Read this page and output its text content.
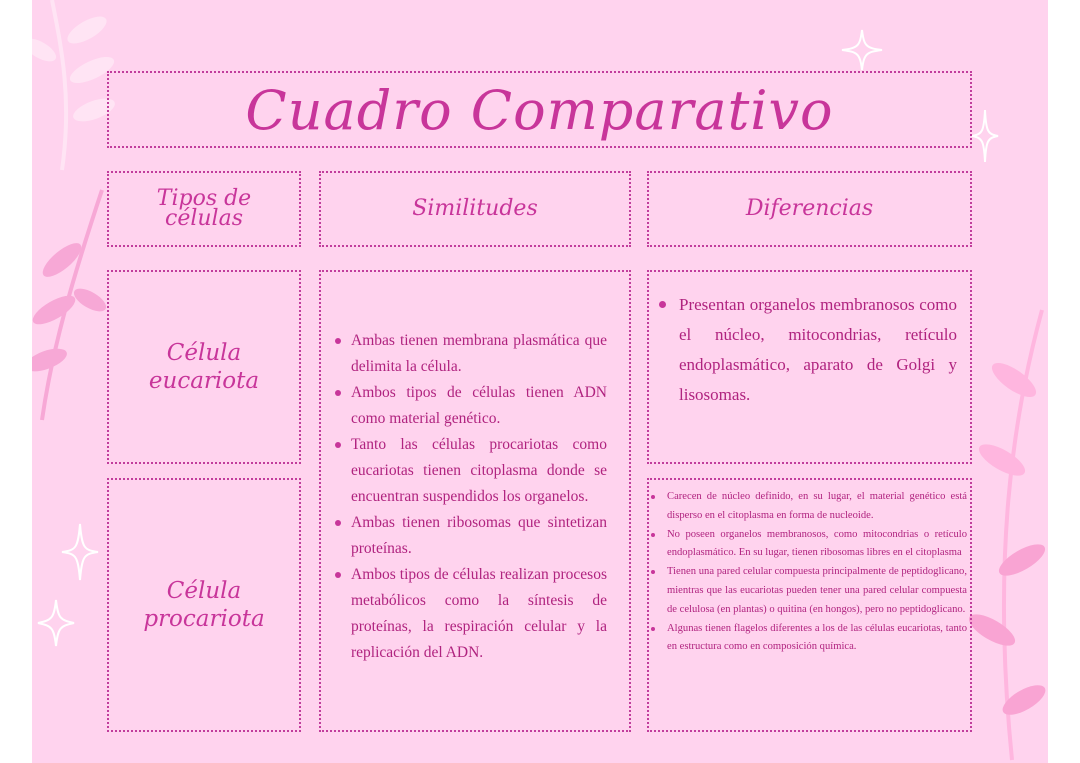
Cuadro Comparativo
Tipos de
células	Similitudes	Diferencias
Célula
eucariota
Célula
procariota
Ambas tienen membrana plasmática que delimita la célula.
Ambos tipos de células tienen ADN como material genético.
Tanto las células procariotas como eucariotas tienen citoplasma donde se encuentran suspendidos los organelos.
Ambas tienen ribosomas que sintetizan proteínas.
Ambos tipos de células realizan procesos metabólicos como la síntesis de proteínas, la respiración celular y la replicación del ADN.
Presentan organelos membranosos como el núcleo, mitocondrias, retículo endoplasmático, aparato de Golgi y lisosomas.
Carecen de núcleo definido, en su lugar, el material genético está disperso en el citoplasma en forma de nucleoide.
No poseen organelos membranosos, como mitocondrias o retículo endoplasmático. En su lugar, tienen ribosomas libres en el citoplasma
Tienen una pared celular compuesta principalmente de peptidoglicano, mientras que las eucariotas pueden tener una pared celular compuesta de celulosa (en plantas) o quitina (en hongos), pero no peptidoglicano.
Algunas tienen flagelos diferentes a los de las células eucariotas, tanto en estructura como en composición química.
